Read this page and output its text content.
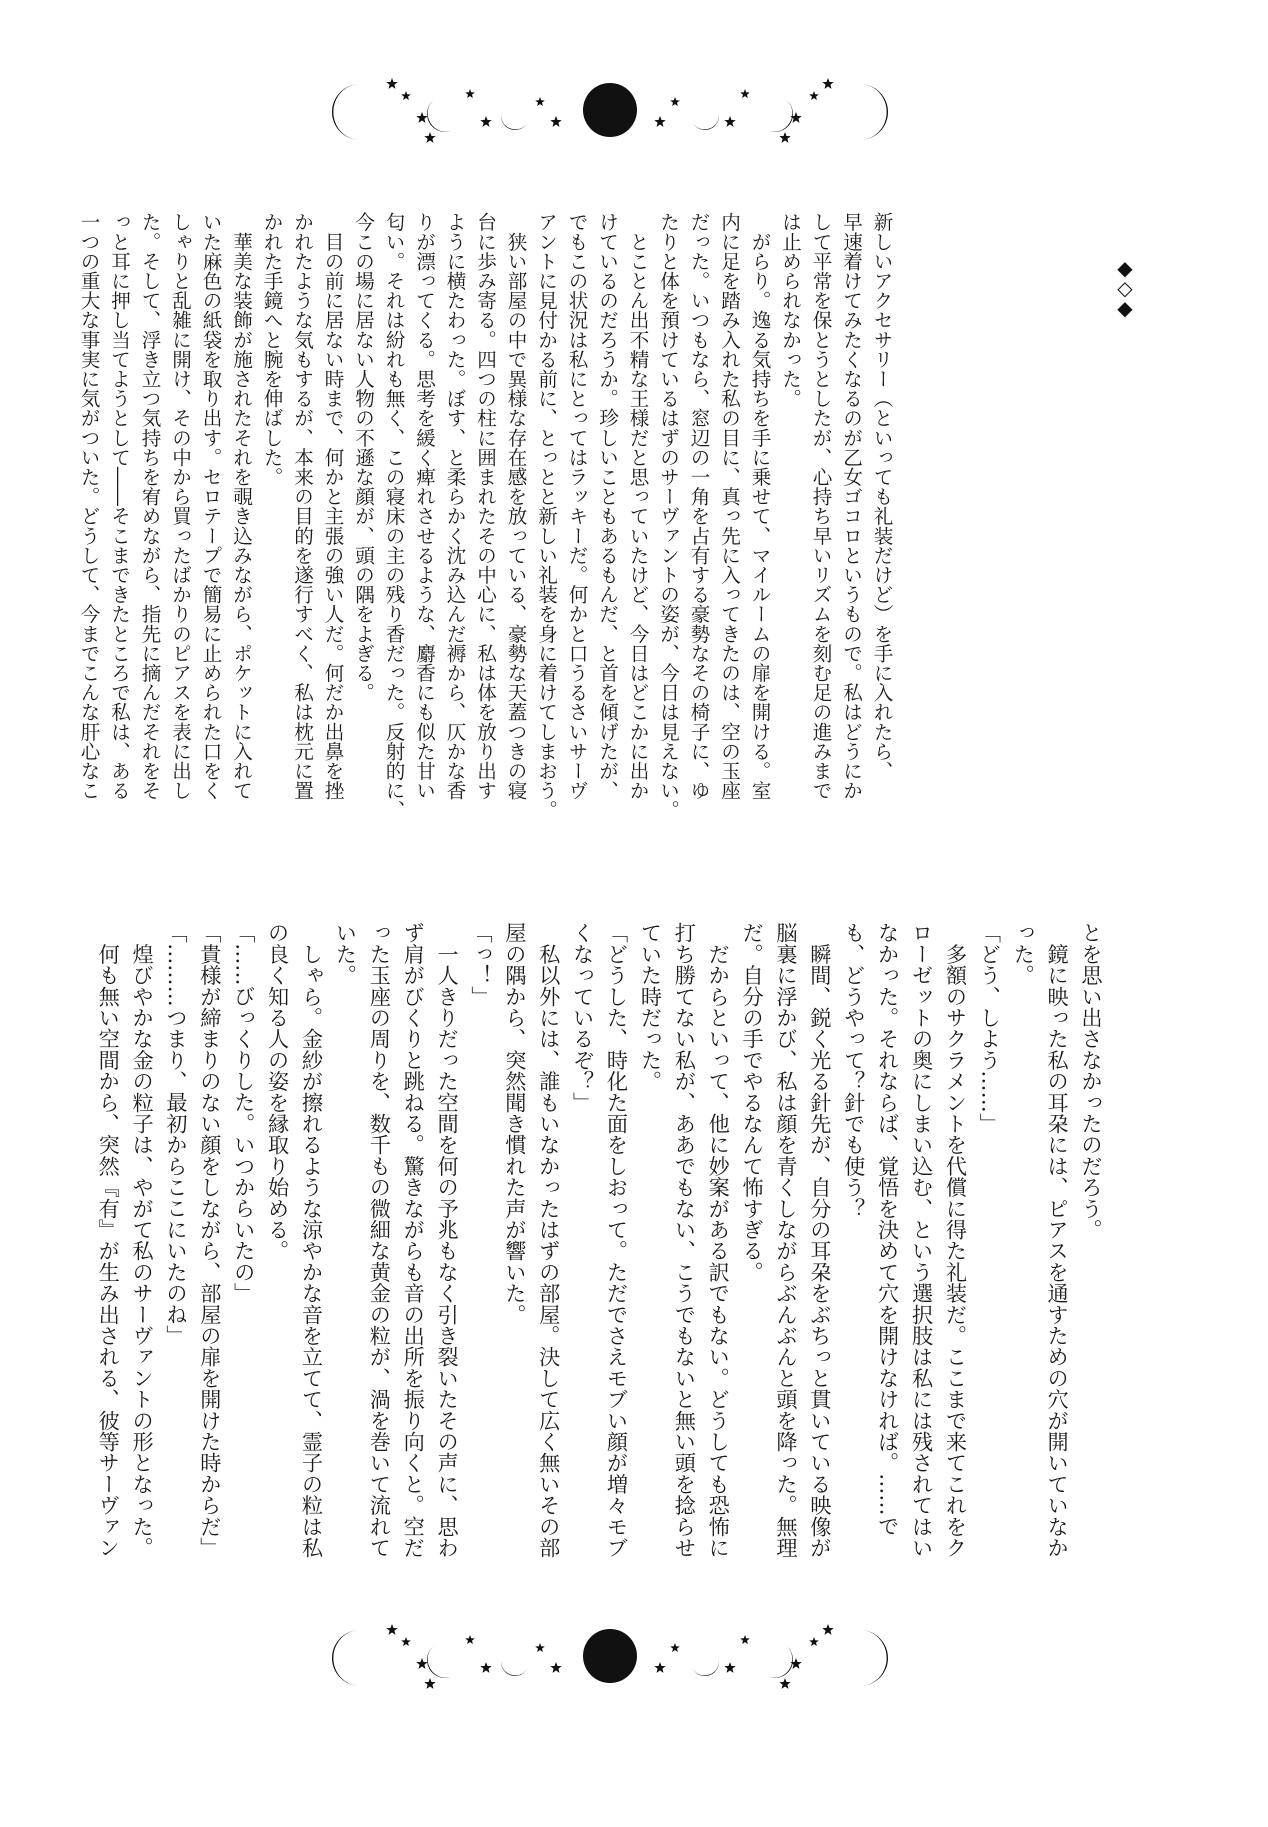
◆
◇
◆
新しいアクセサリー（といっても礼装だけど）を手に入れたら、
早速着けてみたくなるのが乙女ゴコロというもので。私はどうにか
して平常を保とうとしたが、心持ち早いリズムを刻む足の進みまで
は止められなかった。
　がらり。逸る気持ちを手に乗せて、マイルームの扉を開ける。室
内に足を踏み入れた私の目に、真っ先に入ってきたのは、空の玉座
だった。いつもなら、窓辺の一角を占有する豪勢なその椅子に、ゆ
たりと体を預けているはずのサーヴァントの姿が、今日は見えない。
　とことん出不精な王様だと思っていたけど、今日はどこかに出か
けているのだろうか。珍しいこともあるもんだ、と首を傾げたが、
でもこの状況は私にとってはラッキーだ。何かと口うるさいサーヴ
アントに見付かる前に、とっとと新しい礼装を身に着けてしまおう。
　狭い部屋の中で異様な存在感を放っている、豪勢な天蓋つきの寝
台に歩み寄る。四つの柱に囲まれたその中心に、私は体を放り出す
ように横たわった。ぼす、と柔らかく沈み込んだ褥から、仄かな香
りが漂ってくる。思考を緩く痺れさせるような、麝香にも似た甘い
匂い。それは紛れも無く、この寝床の主の残り香だった。反射的に、
今この場に居ない人物の不遜な顔が、頭の隅をよぎる。
　目の前に居ない時まで、何かと主張の強い人だ。何だか出鼻を挫
かれたような気もするが、本来の目的を遂行すべく、私は枕元に置
かれた手鏡へと腕を伸ばした。
　華美な装飾が施されたそれを覗き込みながら、ポケットに入れて
いた麻色の紙袋を取り出す。セロテープで簡易に止められた口をく
しゃりと乱雑に開け、その中から買ったばかりのピアスを表に出し
た。そして、浮き立つ気持ちを宥めながら、指先に摘んだそれをそ
っと耳に押し当てようとして――そこまできたところで私は、ある
一つの重大な事実に気がついた。どうして、今までこんな肝心なこ
とを思い出さなかったのだろう。
　鏡に映った私の耳朶には、ピアスを通すための穴が開いていなか
った。
「どう、しよう……」
　多額のサクラメントを代償に得た礼装だ。ここまで来てこれをク
ローゼットの奥にしまい込む、という選択肢は私には残されてはい
なかった。それならば、覚悟を決めて穴を開けなければ。……で
も、どうやって？針でも使う？
　瞬間、鋭く光る針先が、自分の耳朶をぶちっと貫いている映像が
脳裏に浮かび、私は顔を青くしながらぶんぶんと頭を降った。無理
だ。自分の手でやるなんて怖すぎる。
　だからといって、他に妙案がある訳でもない。どうしても恐怖に
打ち勝てない私が、ああでもない、こうでもないと無い頭を捻らせ
ていた時だった。
「どうした、時化た面をしおって。ただでさえモブい顔が増々モブ
くなっているぞ？」
　私以外には、誰もいなかったはずの部屋。決して広く無いその部
屋の隅から、突然聞き慣れた声が響いた。
「っ！」
　一人きりだった空間を何の予兆もなく引き裂いたその声に、思わ
ず肩がびくりと跳ねる。驚きながらも音の出所を振り向くと。空だ
った玉座の周りを、数千もの微細な黄金の粒が、渦を巻いて流れて
いた。
　しゃら。金紗が擦れるような涼やかな音を立てて、霊子の粒は私
の良く知る人の姿を縁取り始める。
「……びっくりした。いつからいたの」
「貴様が締まりのない顔をしながら、部屋の扉を開けた時からだ」
「………つまり、最初からここにいたのね」
　煌びやかな金の粒子は、やがて私のサーヴァントの形となった。
　何も無い空間から、突然『有』が生み出される、彼等サーヴァン
